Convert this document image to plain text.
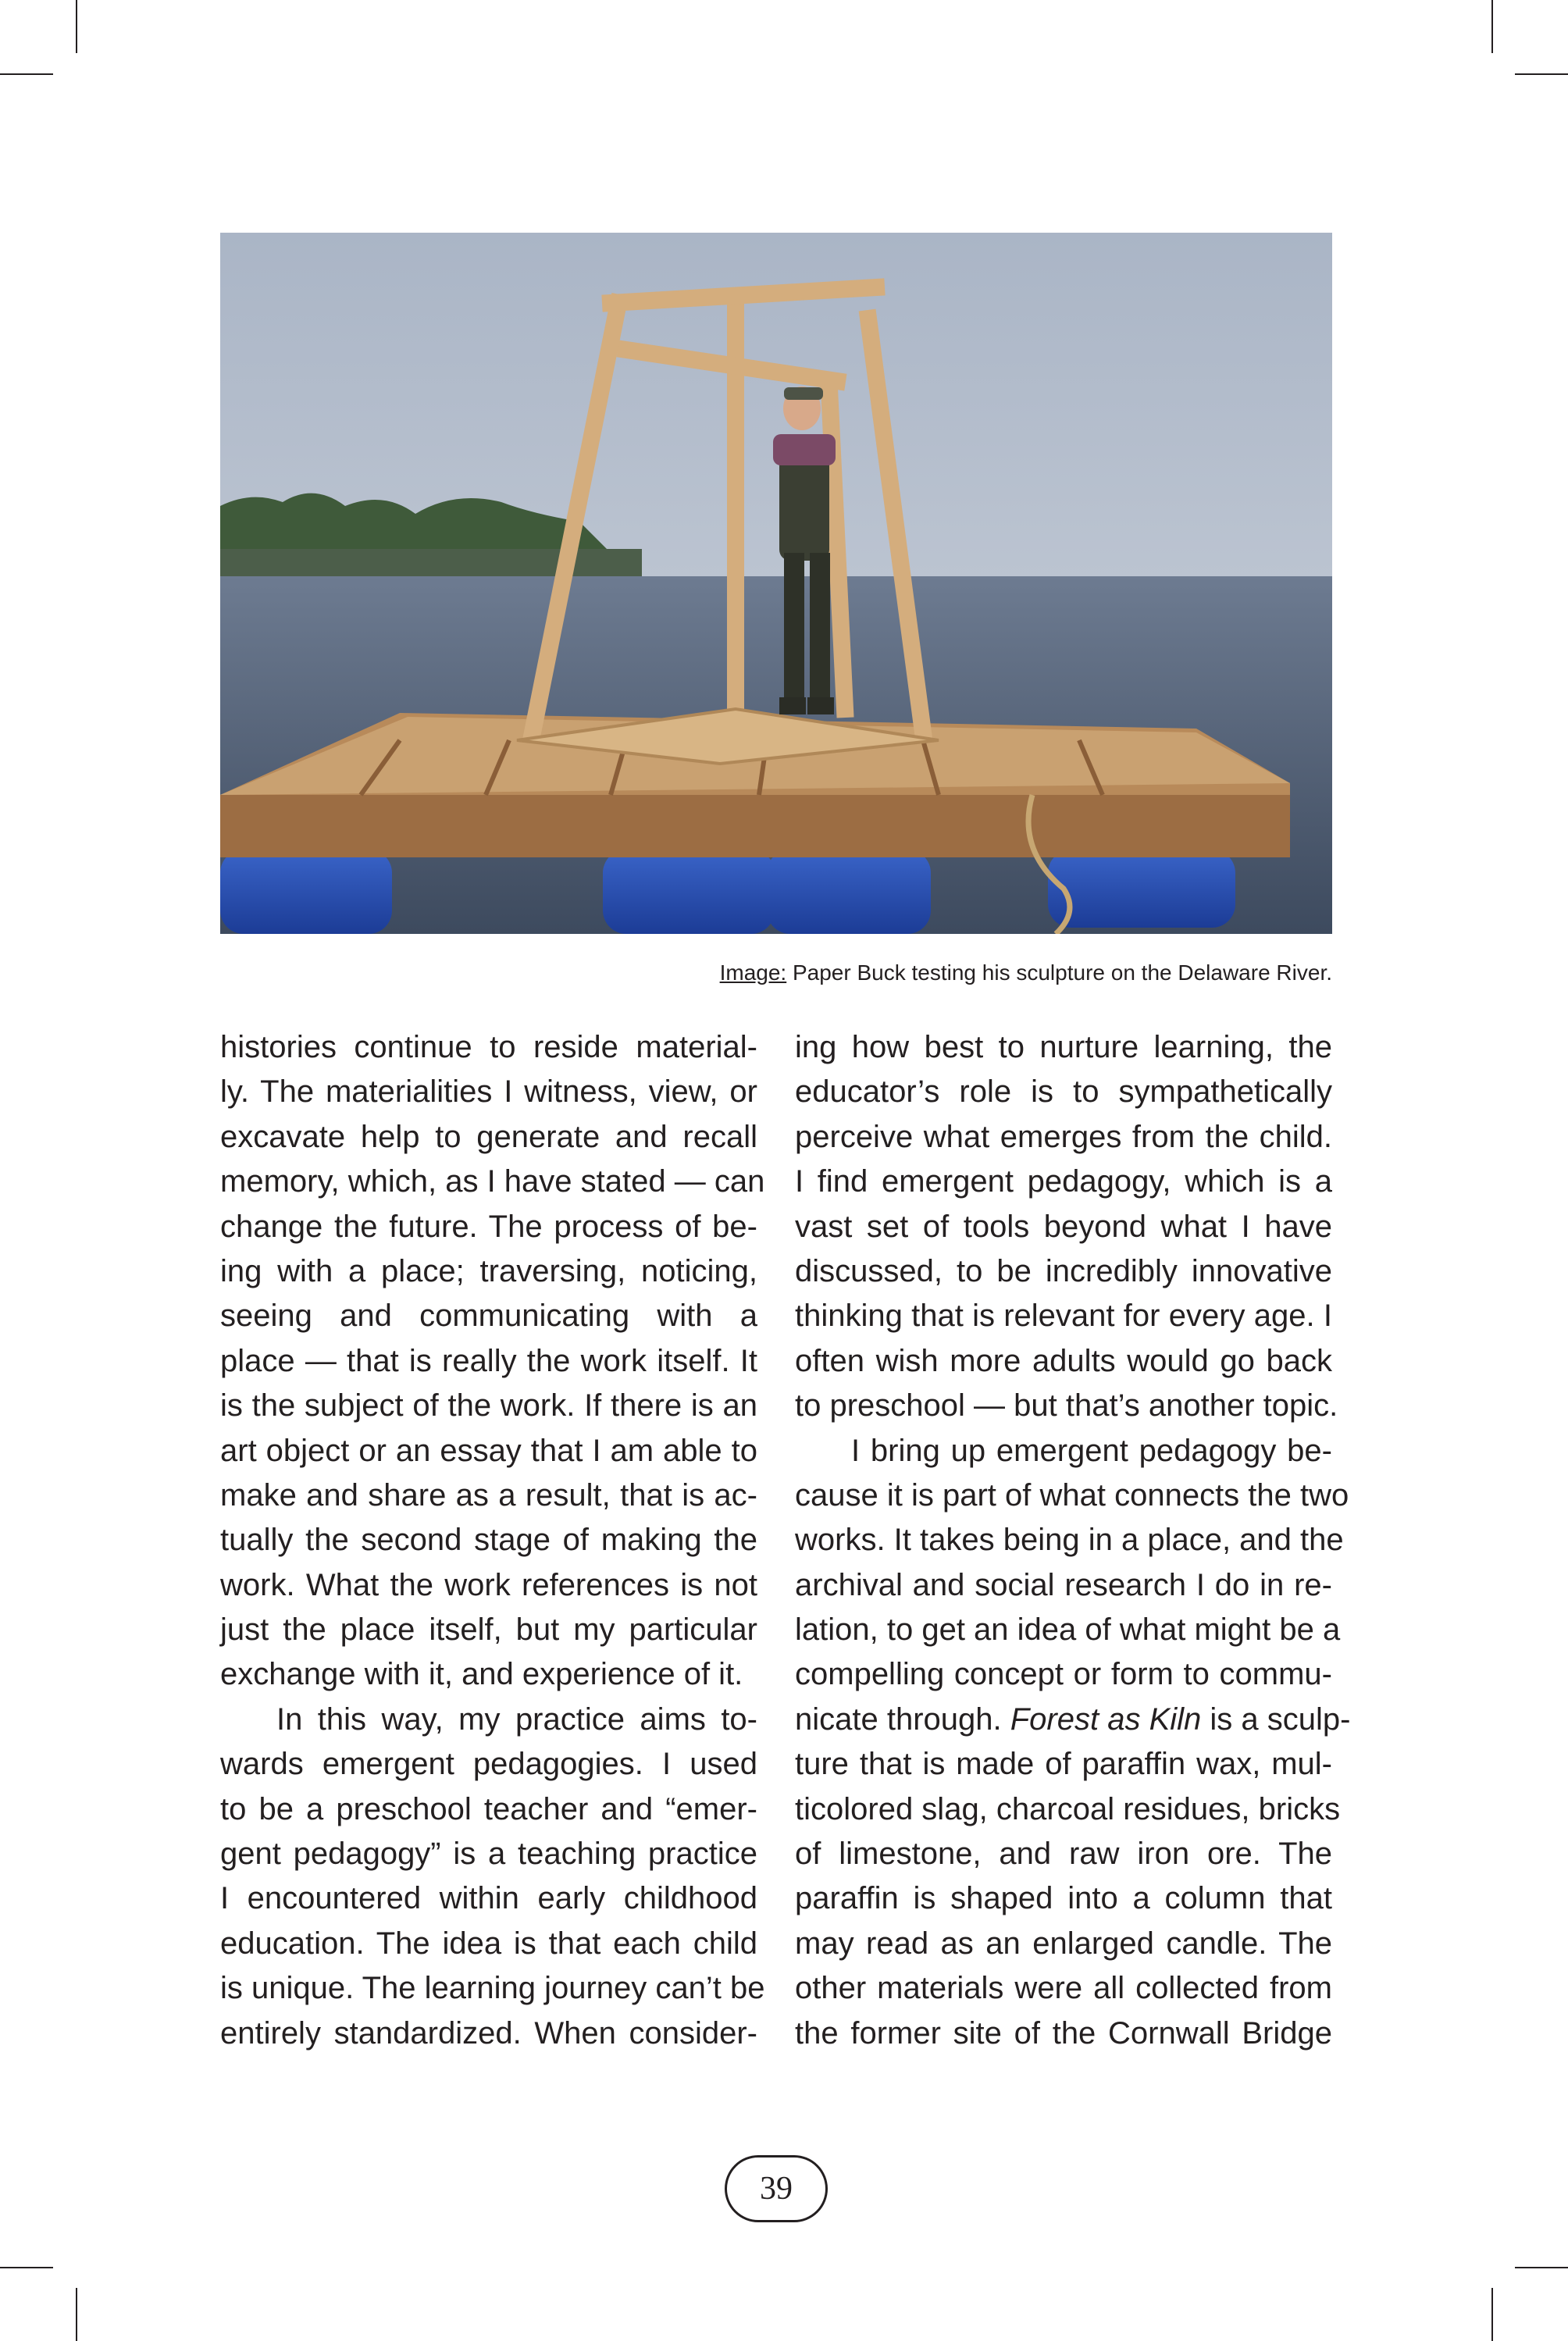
Image: Paper Buck testing his sculpture on the Delaware River.
histories continue to reside material-
ly. The materialities I witness, view, or
excavate help to generate and recall
memory, which, as I have stated — can
change the future. The process of be-
ing with a place; traversing, noticing,
seeing and communicating with a
place — that is really the work itself. It
is the subject of the work. If there is an
art object or an essay that I am able to
make and share as a result, that is ac-
tually the second stage of making the
work. What the work references is not
just the place itself, but my particular
exchange with it, and experience of it.
In this way, my practice aims to-
wards emergent pedagogies. I used
to be a preschool teacher and “emer-
gent pedagogy” is a teaching practice
I encountered within early childhood
education. The idea is that each child
is unique. The learning journey can’t be
entirely standardized. When consider-
ing how best to nurture learning, the
educator’s role is to sympathetically
perceive what emerges from the child.
I find emergent pedagogy, which is a
vast set of tools beyond what I have
discussed, to be incredibly innovative
thinking that is relevant for every age. I
often wish more adults would go back
to preschool — but that’s another topic.
I bring up emergent pedagogy be-
cause it is part of what connects the two
works. It takes being in a place, and the
archival and social research I do in re-
lation, to get an idea of what might be a
compelling concept or form to commu-
nicate through. Forest as Kiln is a sculp-
ture that is made of paraffin wax, mul-
ticolored slag, charcoal residues, bricks
of limestone, and raw iron ore. The
paraffin is shaped into a column that
may read as an enlarged candle. The
other materials were all collected from
the former site of the Cornwall Bridge
39
